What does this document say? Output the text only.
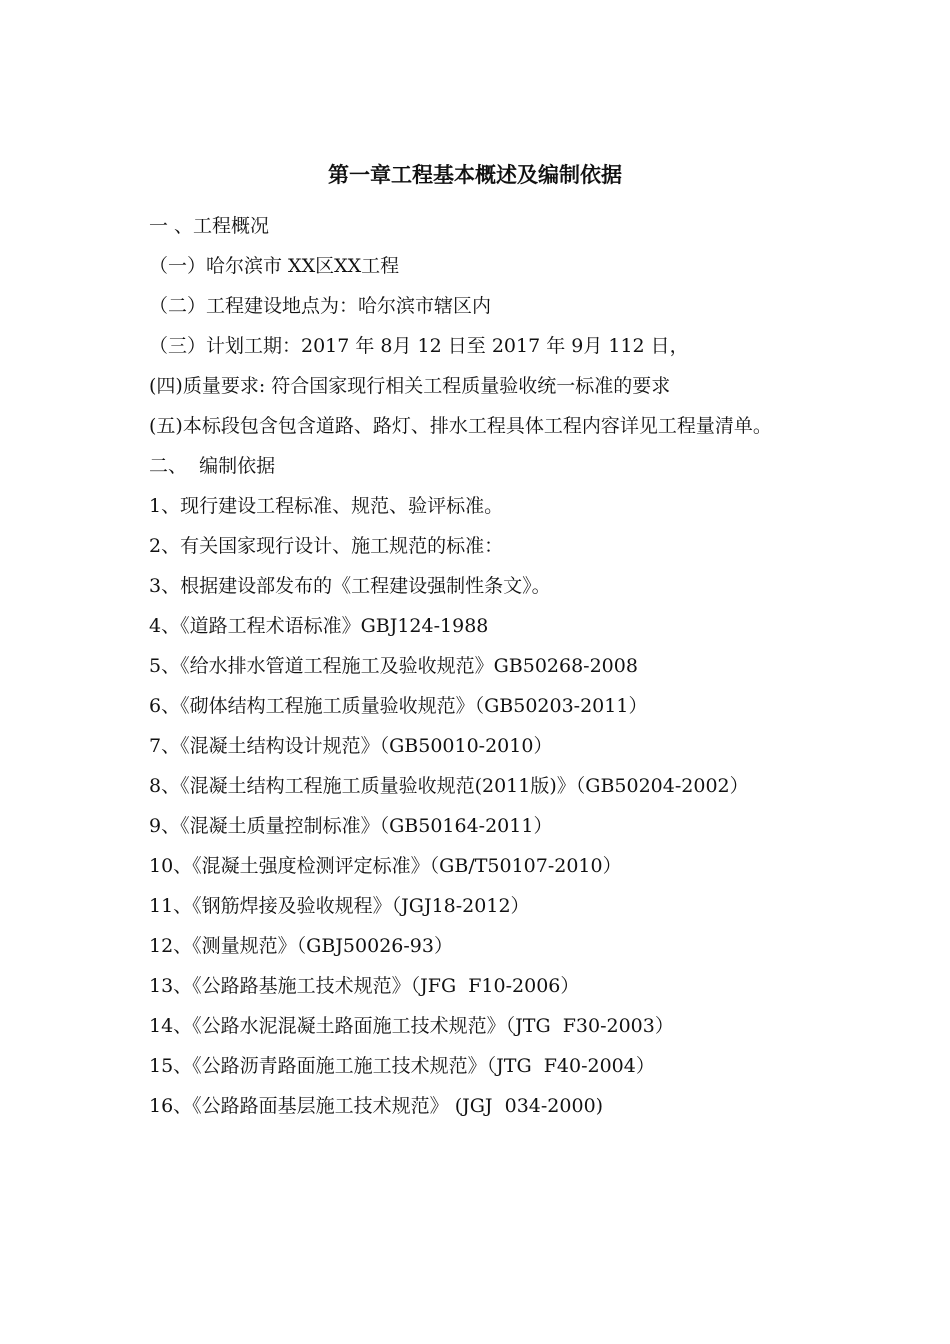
第一章工程基本概述及编制依据

一 、工程概况

（一）哈尔滨市 XX区XX工程

（二）工程建设地点为：哈尔滨市辖区内

（三）计划工期：2017 年 8月 12 日至 2017 年 9月 112 日，

(四)质量要求: 符合国家现行相关工程质量验收统一标准的要求

(五)本标段包含包含道路、路灯、排水工程具体工程内容详见工程量清单。

二、  编制依据

1、现行建设工程标准、规范、验评标准。

2、有关国家现行设计、施工规范的标准：

3、根据建设部发布的《工程建设强制性条文》。

4、《道路工程术语标准》GBJ124-1988

5、《给水排水管道工程施工及验收规范》GB50268-2008

6、《砌体结构工程施工质量验收规范》（GB50203-2011）

7、《混凝土结构设计规范》（GB50010-2010）

8、《混凝土结构工程施工质量验收规范(2011版)》（GB50204-2002）

9、《混凝土质量控制标准》（GB50164-2011）

10、《混凝土强度检测评定标准》（GB/T50107-2010）

11、《钢筋焊接及验收规程》（JGJ18-2012）

12、《测量规范》（GBJ50026-93）

13、《公路路基施工技术规范》（JFG  F10-2006）

14、《公路水泥混凝土路面施工技术规范》（JTG  F30-2003）

15、《公路沥青路面施工施工技术规范》（JTG  F40-2004）

16、《公路路面基层施工技术规范》 (JGJ  034-2000)
